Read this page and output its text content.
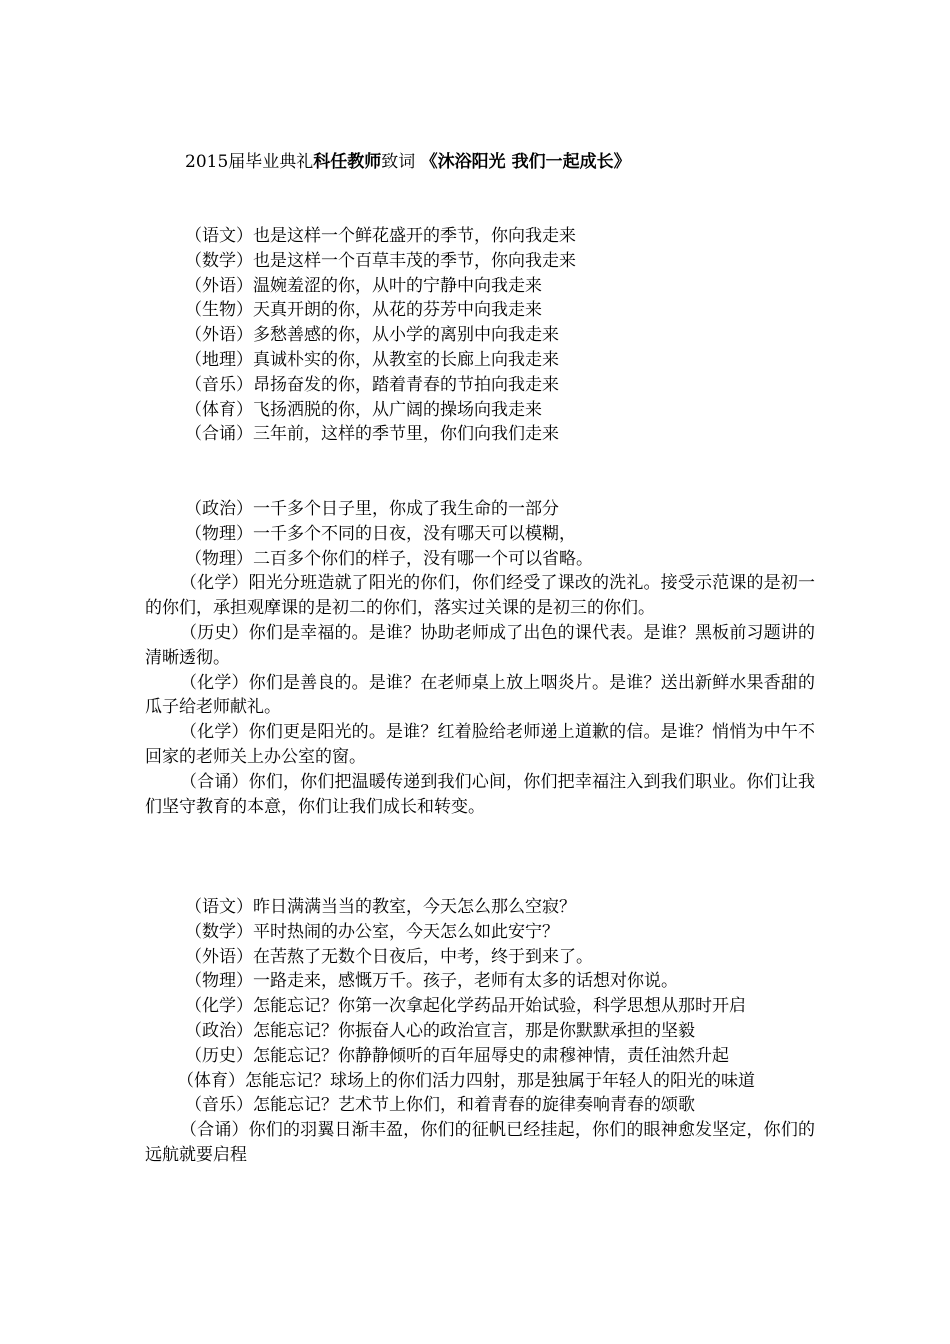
2015届毕业典礼科任教师致词 《沐浴阳光 我们一起成长》
（语文）也是这样一个鲜花盛开的季节，你向我走来
（数学）也是这样一个百草丰茂的季节，你向我走来
（外语）温婉羞涩的你，从叶的宁静中向我走来
（生物）天真开朗的你，从花的芬芳中向我走来
（外语）多愁善感的你，从小学的离别中向我走来
（地理）真诚朴实的你，从教室的长廊上向我走来
（音乐）昂扬奋发的你，踏着青春的节拍向我走来
（体育）飞扬洒脱的你，从广阔的操场向我走来
（合诵）三年前，这样的季节里，你们向我们走来
（政治）一千多个日子里，你成了我生命的一部分
（物理）一千多个不同的日夜，没有哪天可以模糊，
（物理）二百多个你们的样子，没有哪一个可以省略。
（化学）阳光分班造就了阳光的你们，你们经受了课改的洗礼。接受示范课的是初一的你们，承担观摩课的是初二的你们，落实过关课的是初三的你们。
（历史）你们是幸福的。是谁？协助老师成了出色的课代表。是谁？黑板前习题讲的清晰透彻。
（化学）你们是善良的。是谁？在老师桌上放上咽炎片。是谁？送出新鲜水果香甜的瓜子给老师献礼。
（化学）你们更是阳光的。是谁？红着脸给老师递上道歉的信。是谁？悄悄为中午不回家的老师关上办公室的窗。
（合诵）你们，你们把温暖传递到我们心间，你们把幸福注入到我们职业。你们让我们坚守教育的本意，你们让我们成长和转变。
（语文）昨日满满当当的教室，今天怎么那么空寂？
（数学）平时热闹的办公室，今天怎么如此安宁？
（外语）在苦熬了无数个日夜后，中考，终于到来了。
（物理）一路走来，感慨万千。孩子，老师有太多的话想对你说。
（化学）怎能忘记？你第一次拿起化学药品开始试验，科学思想从那时开启
（政治）怎能忘记？你振奋人心的政治宣言，那是你默默承担的坚毅
（历史）怎能忘记？你静静倾听的百年屈辱史的肃穆神情，责任油然升起
（体育）怎能忘记？球场上的你们活力四射，那是独属于年轻人的阳光的味道
（音乐）怎能忘记？艺术节上你们，和着青春的旋律奏响青春的颂歌
（合诵）你们的羽翼日渐丰盈，你们的征帆已经挂起，你们的眼神愈发坚定，你们的远航就要启程
